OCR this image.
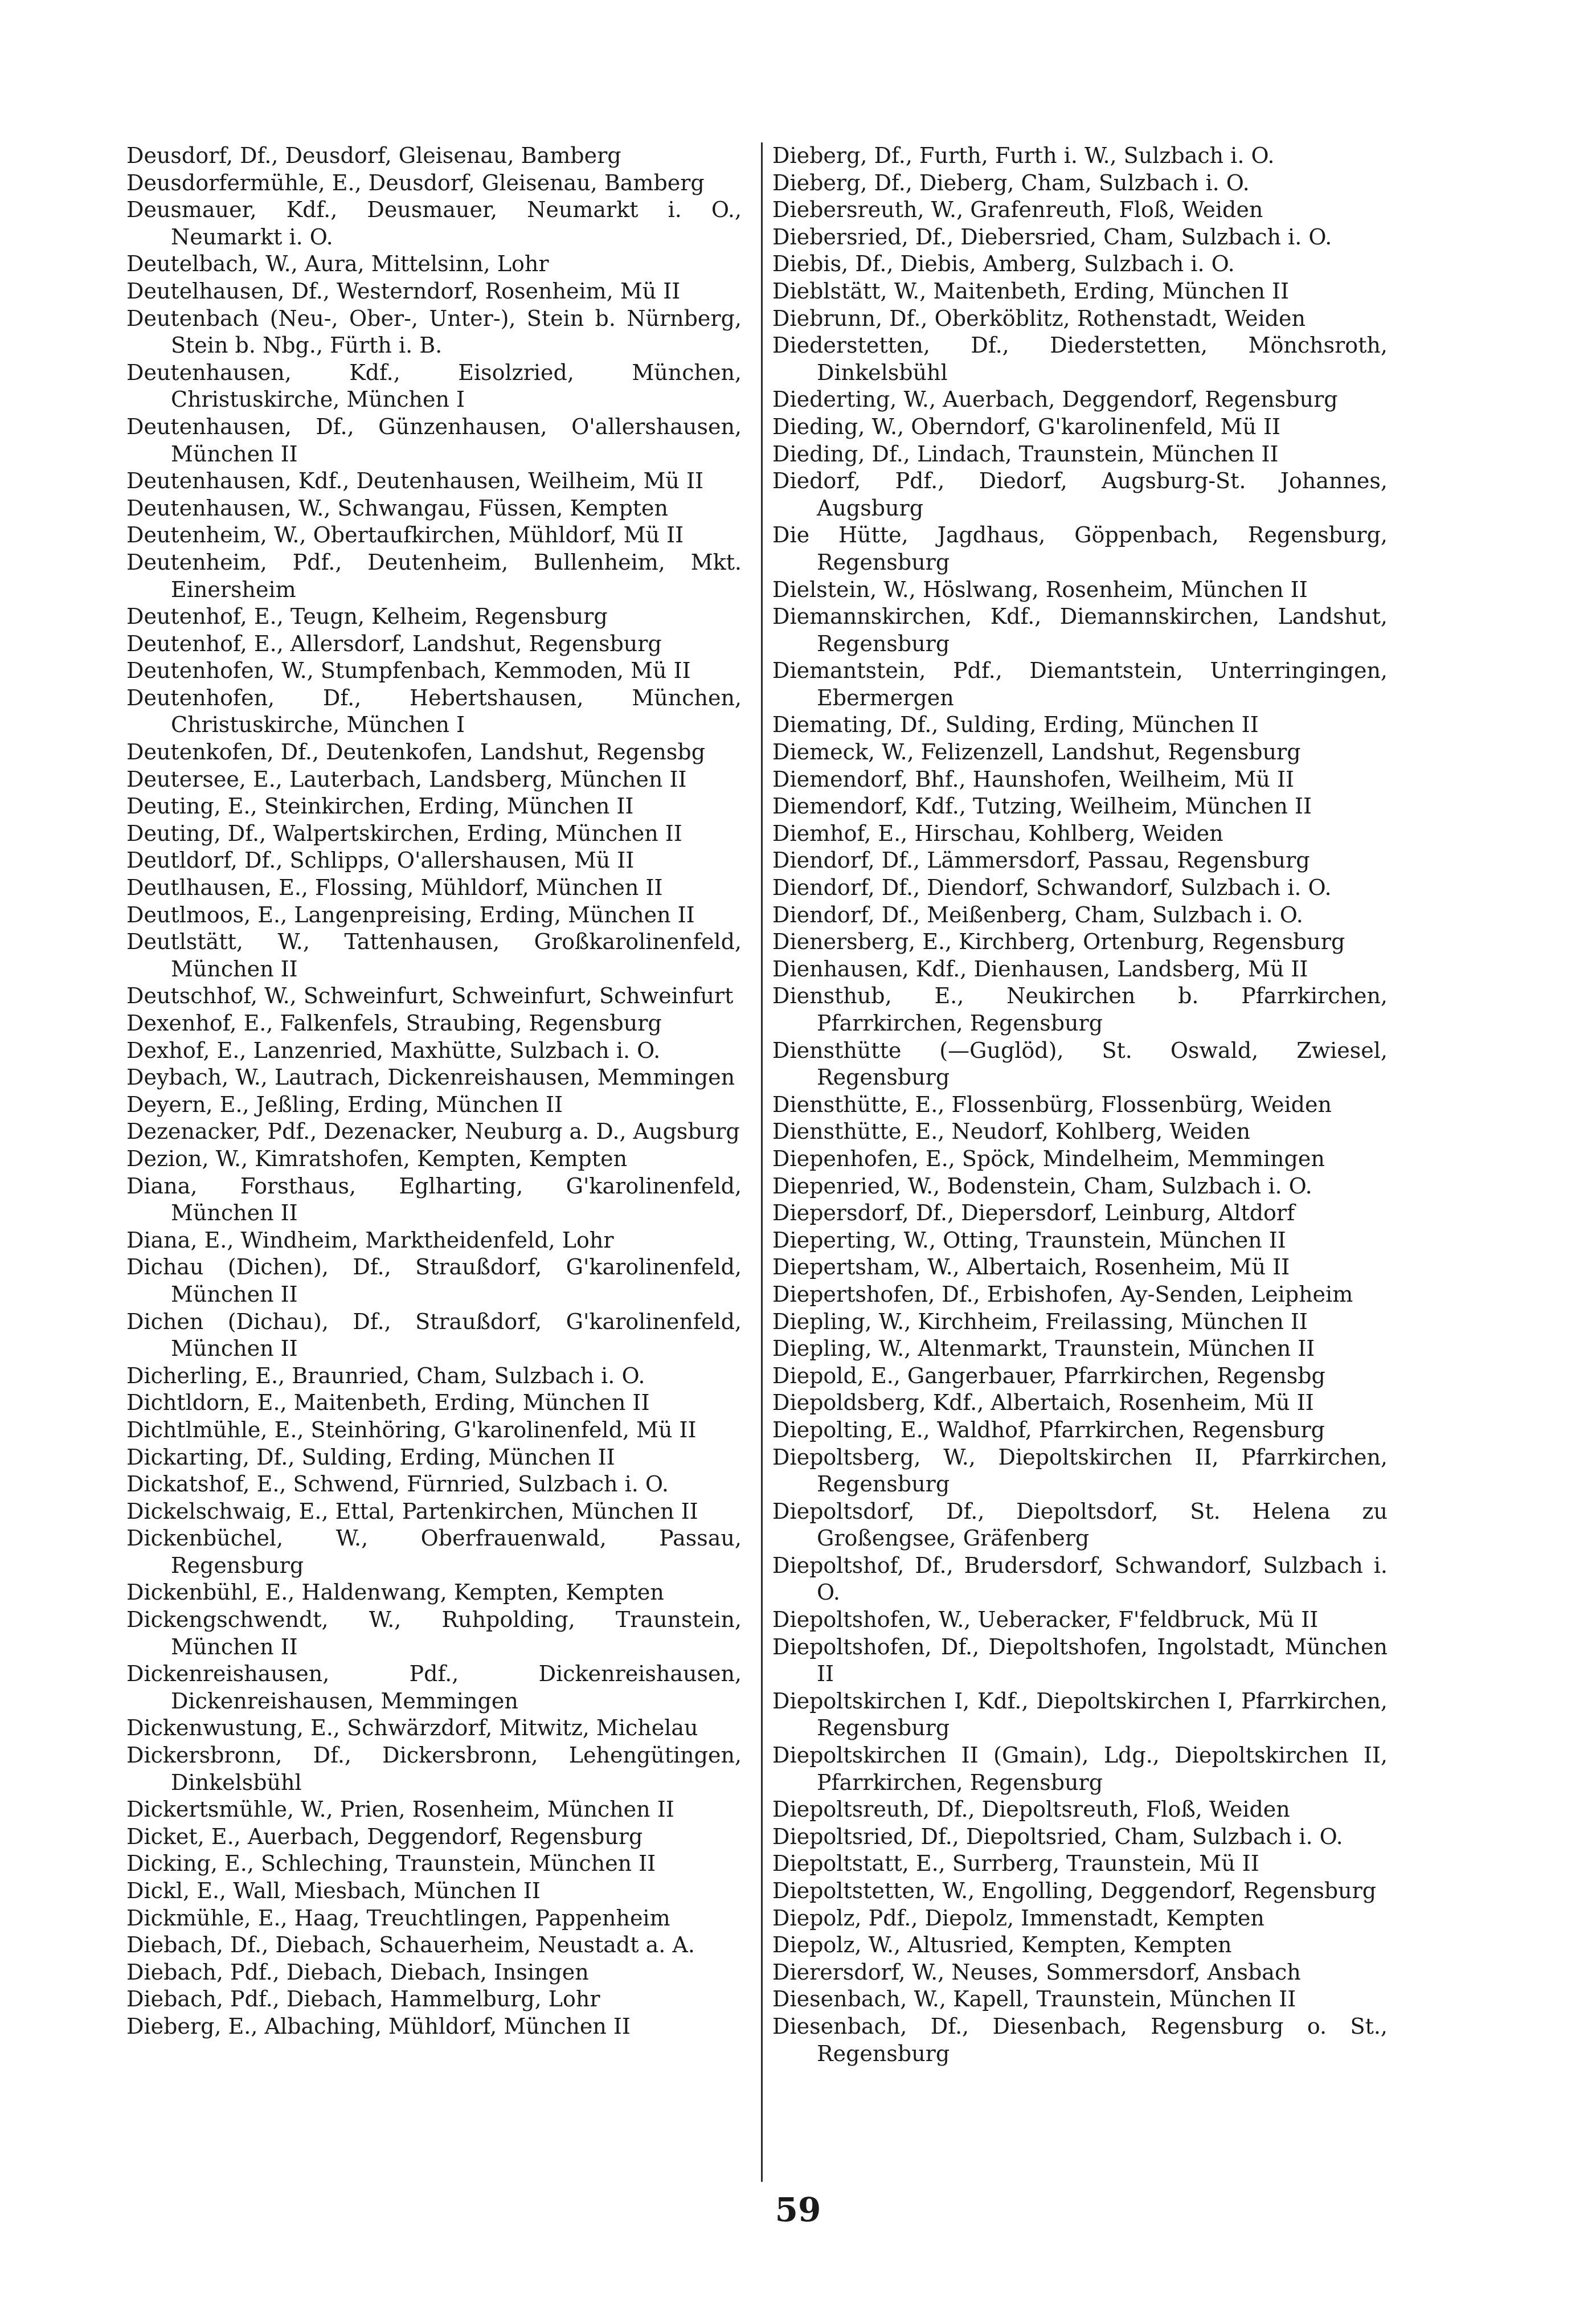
Deusdorf, Df., Deusdorf, Gleisenau, Bamberg

Deusdorfermühle, E., Deusdorf, Gleisenau, Bamberg

Deusmauer, Kdf., Deusmauer, Neumarkt i. O., Neumarkt i. O.

Deutelbach, W., Aura, Mittelsinn, Lohr

Deutelhausen, Df., Westerndorf, Rosenheim, Mü II

Deutenbach (Neu-, Ober-, Unter-), Stein b. Nürnberg, Stein b. Nbg., Fürth i. B.

Deutenhausen, Kdf., Eisolzried, München, Christuskirche, München I

Deutenhausen, Df., Günzenhausen, O'allershausen, München II

Deutenhausen, Kdf., Deutenhausen, Weilheim, Mü II

Deutenhausen, W., Schwangau, Füssen, Kempten

Deutenheim, W., Obertaufkirchen, Mühldorf, Mü II

Deutenheim, Pdf., Deutenheim, Bullenheim, Mkt. Einersheim

Deutenhof, E., Teugn, Kelheim, Regensburg

Deutenhof, E., Allersdorf, Landshut, Regensburg

Deutenhofen, W., Stumpfenbach, Kemmoden, Mü II

Deutenhofen, Df., Hebertshausen, München, Christuskirche, München I

Deutenkofen, Df., Deutenkofen, Landshut, Regensbg

Deutersee, E., Lauterbach, Landsberg, München II

Deuting, E., Steinkirchen, Erding, München II

Deuting, Df., Walpertskirchen, Erding, München II

Deutldorf, Df., Schlipps, O'allershausen, Mü II

Deutlhausen, E., Flossing, Mühldorf, München II

Deutlmoos, E., Langenpreising, Erding, München II

Deutlstätt, W., Tattenhausen, Großkarolinenfeld, München II

Deutschhof, W., Schweinfurt, Schweinfurt, Schweinfurt

Dexenhof, E., Falkenfels, Straubing, Regensburg

Dexhof, E., Lanzenried, Maxhütte, Sulzbach i. O.

Deybach, W., Lautrach, Dickenreishausen, Memmingen

Deyern, E., Jeßling, Erding, München II

Dezenacker, Pdf., Dezenacker, Neuburg a. D., Augsburg

Dezion, W., Kimratshofen, Kempten, Kempten

Diana, Forsthaus, Eglharting, G'karolinenfeld, München II

Diana, E., Windheim, Marktheidenfeld, Lohr

Dichau (Dichen), Df., Straußdorf, G'karolinenfeld, München II

Dichen (Dichau), Df., Straußdorf, G'karolinenfeld, München II

Dicherling, E., Braunried, Cham, Sulzbach i. O.

Dichtldorn, E., Maitenbeth, Erding, München II

Dichtlmühle, E., Steinhöring, G'karolinenfeld, Mü II

Dickarting, Df., Sulding, Erding, München II

Dickatshof, E., Schwend, Fürnried, Sulzbach i. O.

Dickelschwaig, E., Ettal, Partenkirchen, München II

Dickenbüchel, W., Oberfrauenwald, Passau, Regensburg

Dickenbühl, E., Haldenwang, Kempten, Kempten

Dickengschwendt, W., Ruhpolding, Traunstein, München II

Dickenreishausen, Pdf., Dickenreishausen, Dickenreishausen, Memmingen

Dickenwustung, E., Schwärzdorf, Mitwitz, Michelau

Dickersbronn, Df., Dickersbronn, Lehengütingen, Dinkelsbühl

Dickertsmühle, W., Prien, Rosenheim, München II

Dicket, E., Auerbach, Deggendorf, Regensburg

Dicking, E., Schleching, Traunstein, München II

Dickl, E., Wall, Miesbach, München II

Dickmühle, E., Haag, Treuchtlingen, Pappenheim

Diebach, Df., Diebach, Schauerheim, Neustadt a. A.

Diebach, Pdf., Diebach, Diebach, Insingen

Diebach, Pdf., Diebach, Hammelburg, Lohr

Dieberg, E., Albaching, Mühldorf, München II

Dieberg, Df., Furth, Furth i. W., Sulzbach i. O.

Dieberg, Df., Dieberg, Cham, Sulzbach i. O.

Diebersreuth, W., Grafenreuth, Floß, Weiden

Diebersried, Df., Diebersried, Cham, Sulzbach i. O.

Diebis, Df., Diebis, Amberg, Sulzbach i. O.

Dieblstätt, W., Maitenbeth, Erding, München II

Diebrunn, Df., Oberköblitz, Rothenstadt, Weiden

Diederstetten, Df., Diederstetten, Mönchsroth, Dinkelsbühl

Diederting, W., Auerbach, Deggendorf, Regensburg

Dieding, W., Oberndorf, G'karolinenfeld, Mü II

Dieding, Df., Lindach, Traunstein, München II

Diedorf, Pdf., Diedorf, Augsburg-St. Johannes, Augsburg

Die Hütte, Jagdhaus, Göppenbach, Regensburg, Regensburg

Dielstein, W., Höslwang, Rosenheim, München II

Diemannskirchen, Kdf., Diemannskirchen, Landshut, Regensburg

Diemantstein, Pdf., Diemantstein, Unterringingen, Ebermergen

Diemating, Df., Sulding, Erding, München II

Diemeck, W., Felizenzell, Landshut, Regensburg

Diemendorf, Bhf., Haunshofen, Weilheim, Mü II

Diemendorf, Kdf., Tutzing, Weilheim, München II

Diemhof, E., Hirschau, Kohlberg, Weiden

Diendorf, Df., Lämmersdorf, Passau, Regensburg

Diendorf, Df., Diendorf, Schwandorf, Sulzbach i. O.

Diendorf, Df., Meißenberg, Cham, Sulzbach i. O.

Dienersberg, E., Kirchberg, Ortenburg, Regensburg

Dienhausen, Kdf., Dienhausen, Landsberg, Mü II

Diensthub, E., Neukirchen b. Pfarrkirchen, Pfarrkirchen, Regensburg

Diensthütte (—Guglöd), St. Oswald, Zwiesel, Regensburg

Diensthütte, E., Flossenbürg, Flossenbürg, Weiden

Diensthütte, E., Neudorf, Kohlberg, Weiden

Diepenhofen, E., Spöck, Mindelheim, Memmingen

Diepenried, W., Bodenstein, Cham, Sulzbach i. O.

Diepersdorf, Df., Diepersdorf, Leinburg, Altdorf

Dieperting, W., Otting, Traunstein, München II

Diepertsham, W., Albertaich, Rosenheim, Mü II

Diepertshofen, Df., Erbishofen, Ay-Senden, Leipheim

Diepling, W., Kirchheim, Freilassing, München II

Diepling, W., Altenmarkt, Traunstein, München II

Diepold, E., Gangerbauer, Pfarrkirchen, Regensbg

Diepoldsberg, Kdf., Albertaich, Rosenheim, Mü II

Diepolting, E., Waldhof, Pfarrkirchen, Regensburg

Diepoltsberg, W., Diepoltskirchen II, Pfarrkirchen, Regensburg

Diepoltsdorf, Df., Diepoltsdorf, St. Helena zu Großengsee, Gräfenberg

Diepoltshof, Df., Brudersdorf, Schwandorf, Sulzbach i. O.

Diepoltshofen, W., Ueberacker, F'feldbruck, Mü II

Diepoltshofen, Df., Diepoltshofen, Ingolstadt, München II

Diepoltskirchen I, Kdf., Diepoltskirchen I, Pfarrkirchen, Regensburg

Diepoltskirchen II (Gmain), Ldg., Diepoltskirchen II, Pfarrkirchen, Regensburg

Diepoltsreuth, Df., Diepoltsreuth, Floß, Weiden

Diepoltsried, Df., Diepoltsried, Cham, Sulzbach i. O.

Diepoltstatt, E., Surrberg, Traunstein, Mü II

Diepoltstetten, W., Engolling, Deggendorf, Regensburg

Diepolz, Pdf., Diepolz, Immenstadt, Kempten

Diepolz, W., Altusried, Kempten, Kempten

Dierersdorf, W., Neuses, Sommersdorf, Ansbach

Diesenbach, W., Kapell, Traunstein, München II

Diesenbach, Df., Diesenbach, Regensburg o. St., Regensburg

59
